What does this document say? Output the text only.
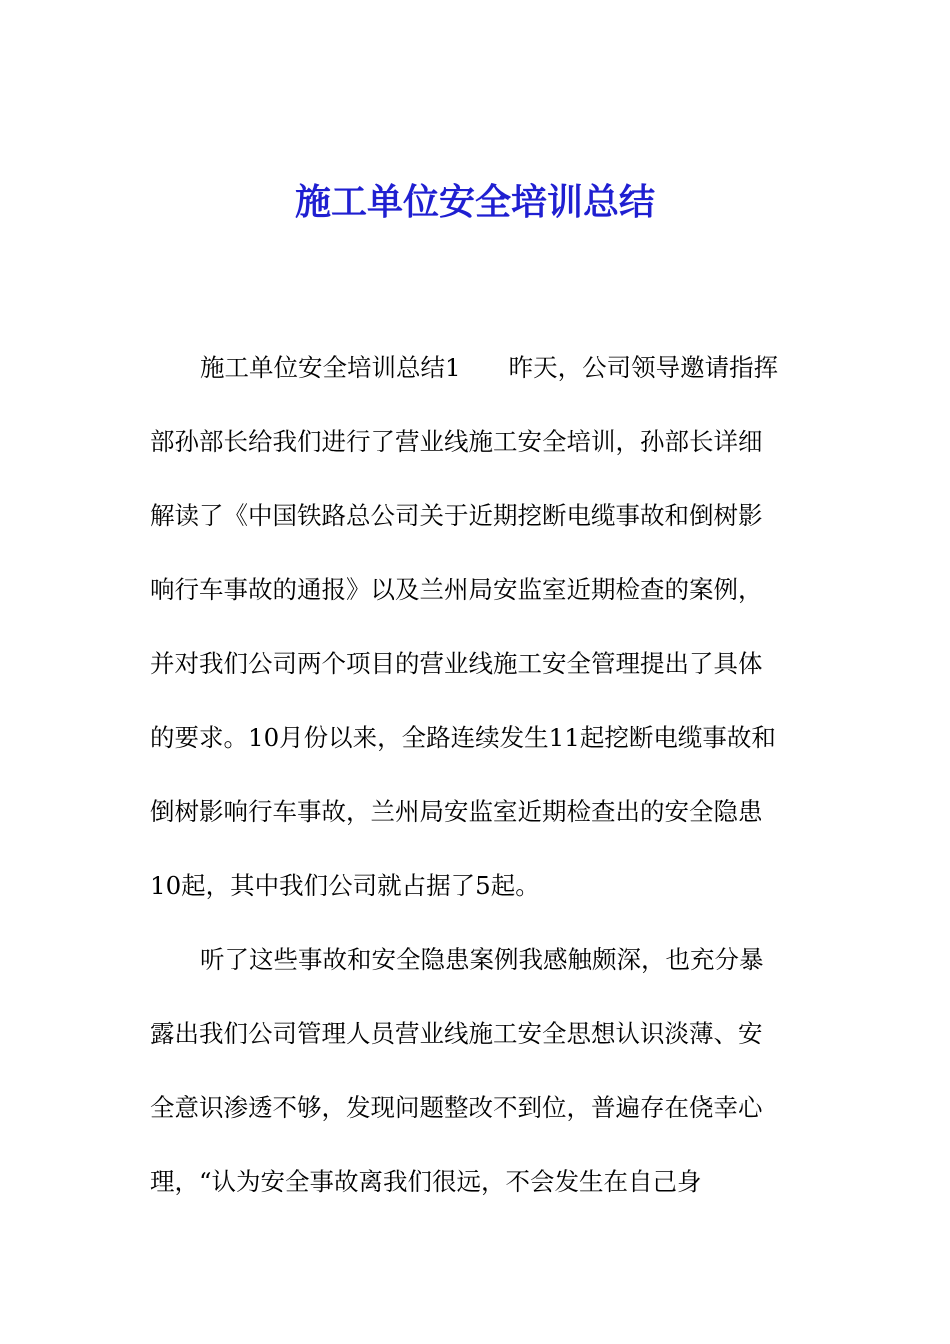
施工单位安全培训总结
施工单位安全培训总结1 昨天，公司领导邀请指挥
部孙部长给我们进行了营业线施工安全培训，孙部长详细
解读了《中国铁路总公司关于近期挖断电缆事故和倒树影
响行车事故的通报》以及兰州局安监室近期检查的案例，
并对我们公司两个项目的营业线施工安全管理提出了具体
的要求。10月份以来，全路连续发生11起挖断电缆事故和
倒树影响行车事故，兰州局安监室近期检查出的安全隐患
10起，其中我们公司就占据了5起。
听了这些事故和安全隐患案例我感触颇深，也充分暴
露出我们公司管理人员营业线施工安全思想认识淡薄、安
全意识渗透不够，发现问题整改不到位，普遍存在侥幸心
理，“认为安全事故离我们很远，不会发生在自己身
